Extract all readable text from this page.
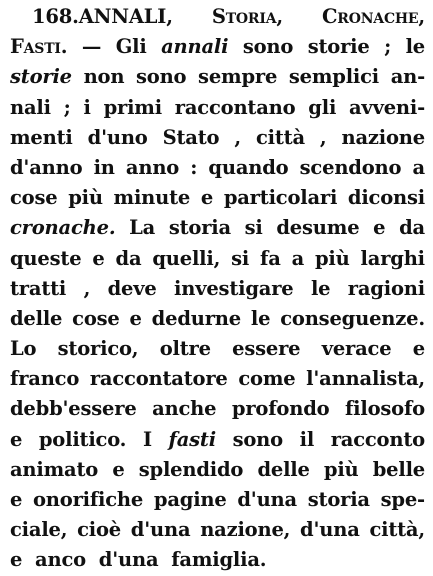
168.ANNALI, Storia, Cronache,
Fasti. — Gli annali sono storie ; le
storie non sono sempre semplici an-
nali ; i primi raccontano gli avveni-
menti d'uno Stato , città , nazione
d'anno in anno : quando scendono a
cose più minute e particolari diconsi
cronache. La storia si desume e da
queste e da quelli, si fa a più larghi
tratti , deve investigare le ragioni
delle cose e dedurne le conseguenze.
Lo storico, oltre essere verace e
franco raccontatore come l'annalista,
debb'essere anche profondo filosofo
e politico. I fasti sono il racconto
animato e splendido delle più belle
e onorifiche pagine d'una storia spe-
ciale, cioè d'una nazione, d'una città,
e anco d'una famiglia.
